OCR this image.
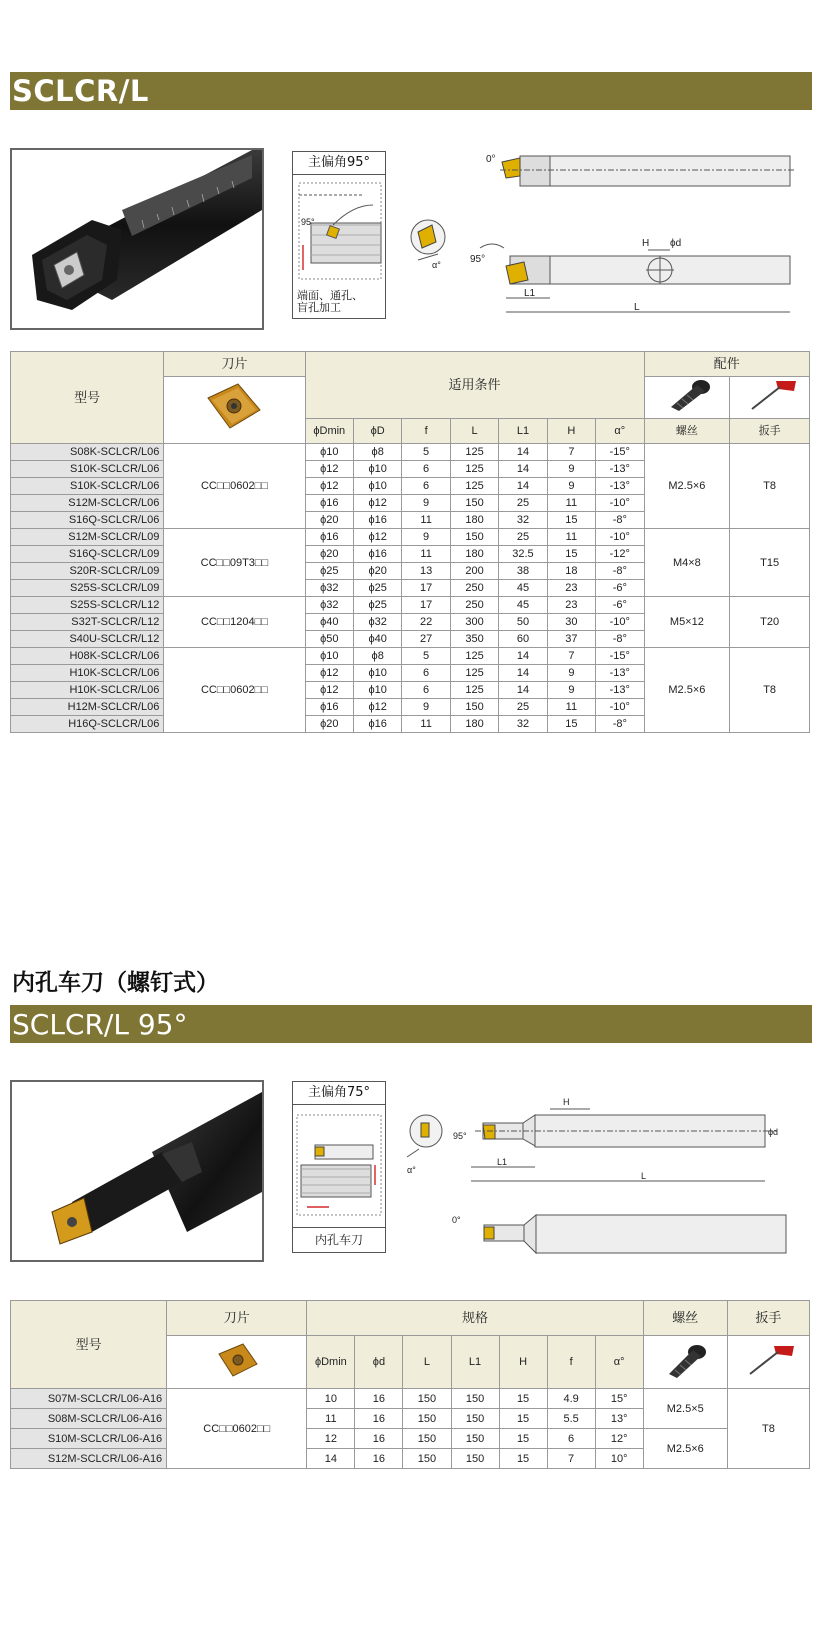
SCLCR/L
主偏角95°
95°
端面、通孔、
盲孔加工
α°
0°
95°
H ϕd
L1
L
型号	刀片	适用条件							配件	

		ϕDmin	ϕD	f	L	L1	H	α°	螺丝	扳手
S08K-SCLCR/L06	CC□□0602□□	ϕ10	ϕ8	5	125	14	7	-15°	M2.5×6	T8
S10K-SCLCR/L06		ϕ12	ϕ10	6	125	14	9	-13°		
S10K-SCLCR/L06		ϕ12	ϕ10	6	125	14	9	-13°		
S12M-SCLCR/L06		ϕ16	ϕ12	9	150	25	11	-10°		
S16Q-SCLCR/L06		ϕ20	ϕ16	11	180	32	15	-8°		
S12M-SCLCR/L09	CC□□09T3□□	ϕ16	ϕ12	9	150	25	11	-10°	M4×8	T15
S16Q-SCLCR/L09		ϕ20	ϕ16	11	180	32.5	15	-12°		
S20R-SCLCR/L09		ϕ25	ϕ20	13	200	38	18	-8°		
S25S-SCLCR/L09		ϕ32	ϕ25	17	250	45	23	-6°		
S25S-SCLCR/L12	CC□□1204□□	ϕ32	ϕ25	17	250	45	23	-6°	M5×12	T20
S32T-SCLCR/L12		ϕ40	ϕ32	22	300	50	30	-10°		
S40U-SCLCR/L12		ϕ50	ϕ40	27	350	60	37	-8°		
H08K-SCLCR/L06	CC□□0602□□	ϕ10	ϕ8	5	125	14	7	-15°	M2.5×6	T8
H10K-SCLCR/L06		ϕ12	ϕ10	6	125	14	9	-13°		
H10K-SCLCR/L06		ϕ12	ϕ10	6	125	14	9	-13°		
H12M-SCLCR/L06		ϕ16	ϕ12	9	150	25	11	-10°		
H16Q-SCLCR/L06		ϕ20	ϕ16	11	180	32	15	-8°		
内孔车刀（螺钉式）
SCLCR/L 95°
主偏角75°
内孔车刀
α°
95°
H
ϕd
L1
L
0°
型号	刀片	规格							螺丝	扳手
	ϕDmin	ϕd	L	L1	H	f	α°		
S07M-SCLCR/L06-A16	CC□□0602□□	10	16	150	150	15	4.9	15°	M2.5×5	T8
S08M-SCLCR/L06-A16		11	16	150	150	15	5.5	13°		
S10M-SCLCR/L06-A16		12	16	150	150	15	6	12°	M2.5×6	
S12M-SCLCR/L06-A16		14	16	150	150	15	7	10°		
